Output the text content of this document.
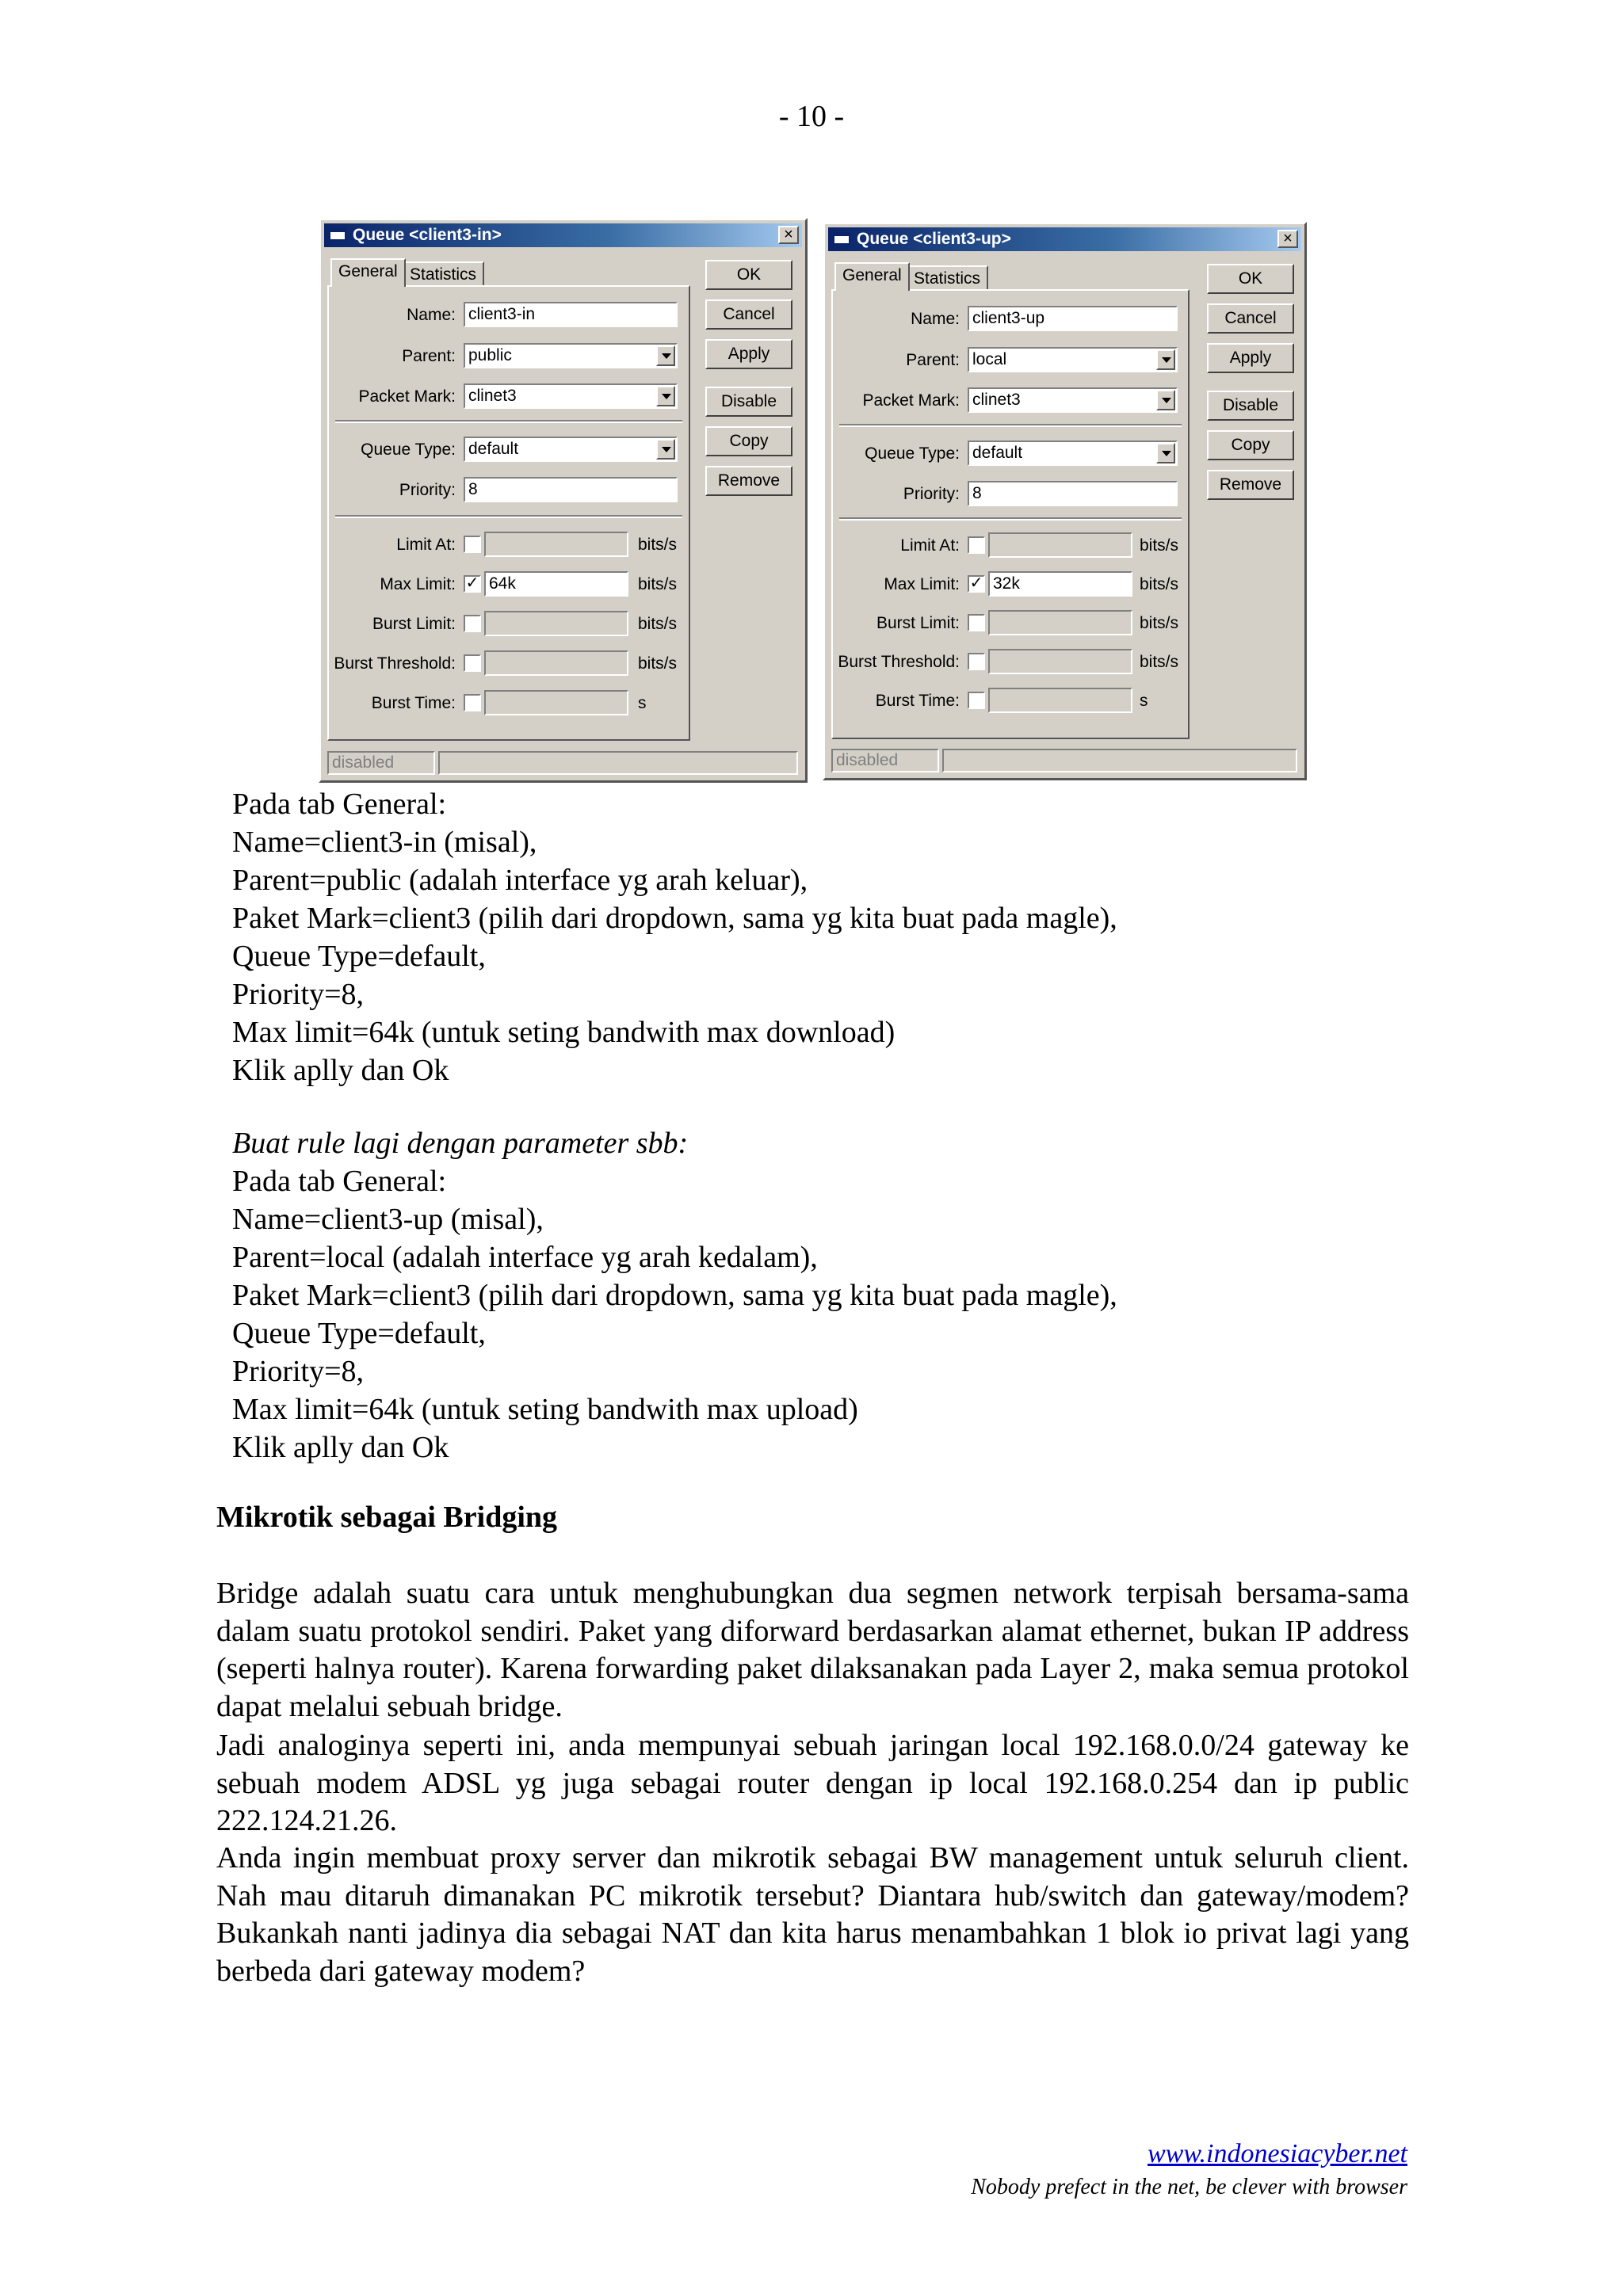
- 10 -
Queue <client3-in>	×
General Statistics
Name: client3-in
Parent: public
Packet Mark: clinet3
Queue Type: default
Priority: 8
Limit At:	bits/s
Max Limit: ✓ 64k	bits/s
Burst Limit:	bits/s
Burst Threshold:	bits/s
Burst Time:	s
OK
Cancel
Apply
Disable
Copy
Remove
disabled
Queue <client3-up>	×
General Statistics
Name: client3-up
Parent: local
Packet Mark: clinet3
Queue Type: default
Priority: 8
Limit At:	bits/s
Max Limit: ✓ 32k	bits/s
Burst Limit:	bits/s
Burst Threshold:	bits/s
Burst Time:	s
OK
Cancel
Apply
Disable
Copy
Remove
disabled
Pada tab General:
Name=client3-in (misal),
Parent=public (adalah interface yg arah keluar),
Paket Mark=client3 (pilih dari dropdown, sama yg kita buat pada magle),
Queue Type=default,
Priority=8,
Max limit=64k (untuk seting bandwith max download)
Klik aplly dan Ok
Buat rule lagi dengan parameter sbb:
Pada tab General:
Name=client3-up (misal),
Parent=local (adalah interface yg arah kedalam),
Paket Mark=client3 (pilih dari dropdown, sama yg kita buat pada magle),
Queue Type=default,
Priority=8,
Max limit=64k (untuk seting bandwith max upload)
Klik aplly dan Ok
Mikrotik sebagai Bridging
Bridge adalah suatu cara untuk menghubungkan dua segmen network terpisah bersama-sama dalam suatu protokol sendiri. Paket yang diforward berdasarkan alamat ethernet, bukan IP address (seperti halnya router). Karena forwarding paket dilaksanakan pada Layer 2, maka semua protokol dapat melalui sebuah bridge.
Jadi analoginya seperti ini, anda mempunyai sebuah jaringan local 192.168.0.0/24 gateway ke sebuah modem ADSL yg juga sebagai router dengan ip local 192.168.0.254 dan ip public 222.124.21.26.
Anda ingin membuat proxy server dan mikrotik sebagai BW management untuk seluruh client. Nah mau ditaruh dimanakan PC mikrotik tersebut? Diantara hub/switch dan gateway/modem? Bukankah nanti jadinya dia sebagai NAT dan kita harus menambahkan 1 blok io privat lagi yang berbeda dari gateway modem?
www.indonesiacyber.net
Nobody prefect in the net, be clever with browser
